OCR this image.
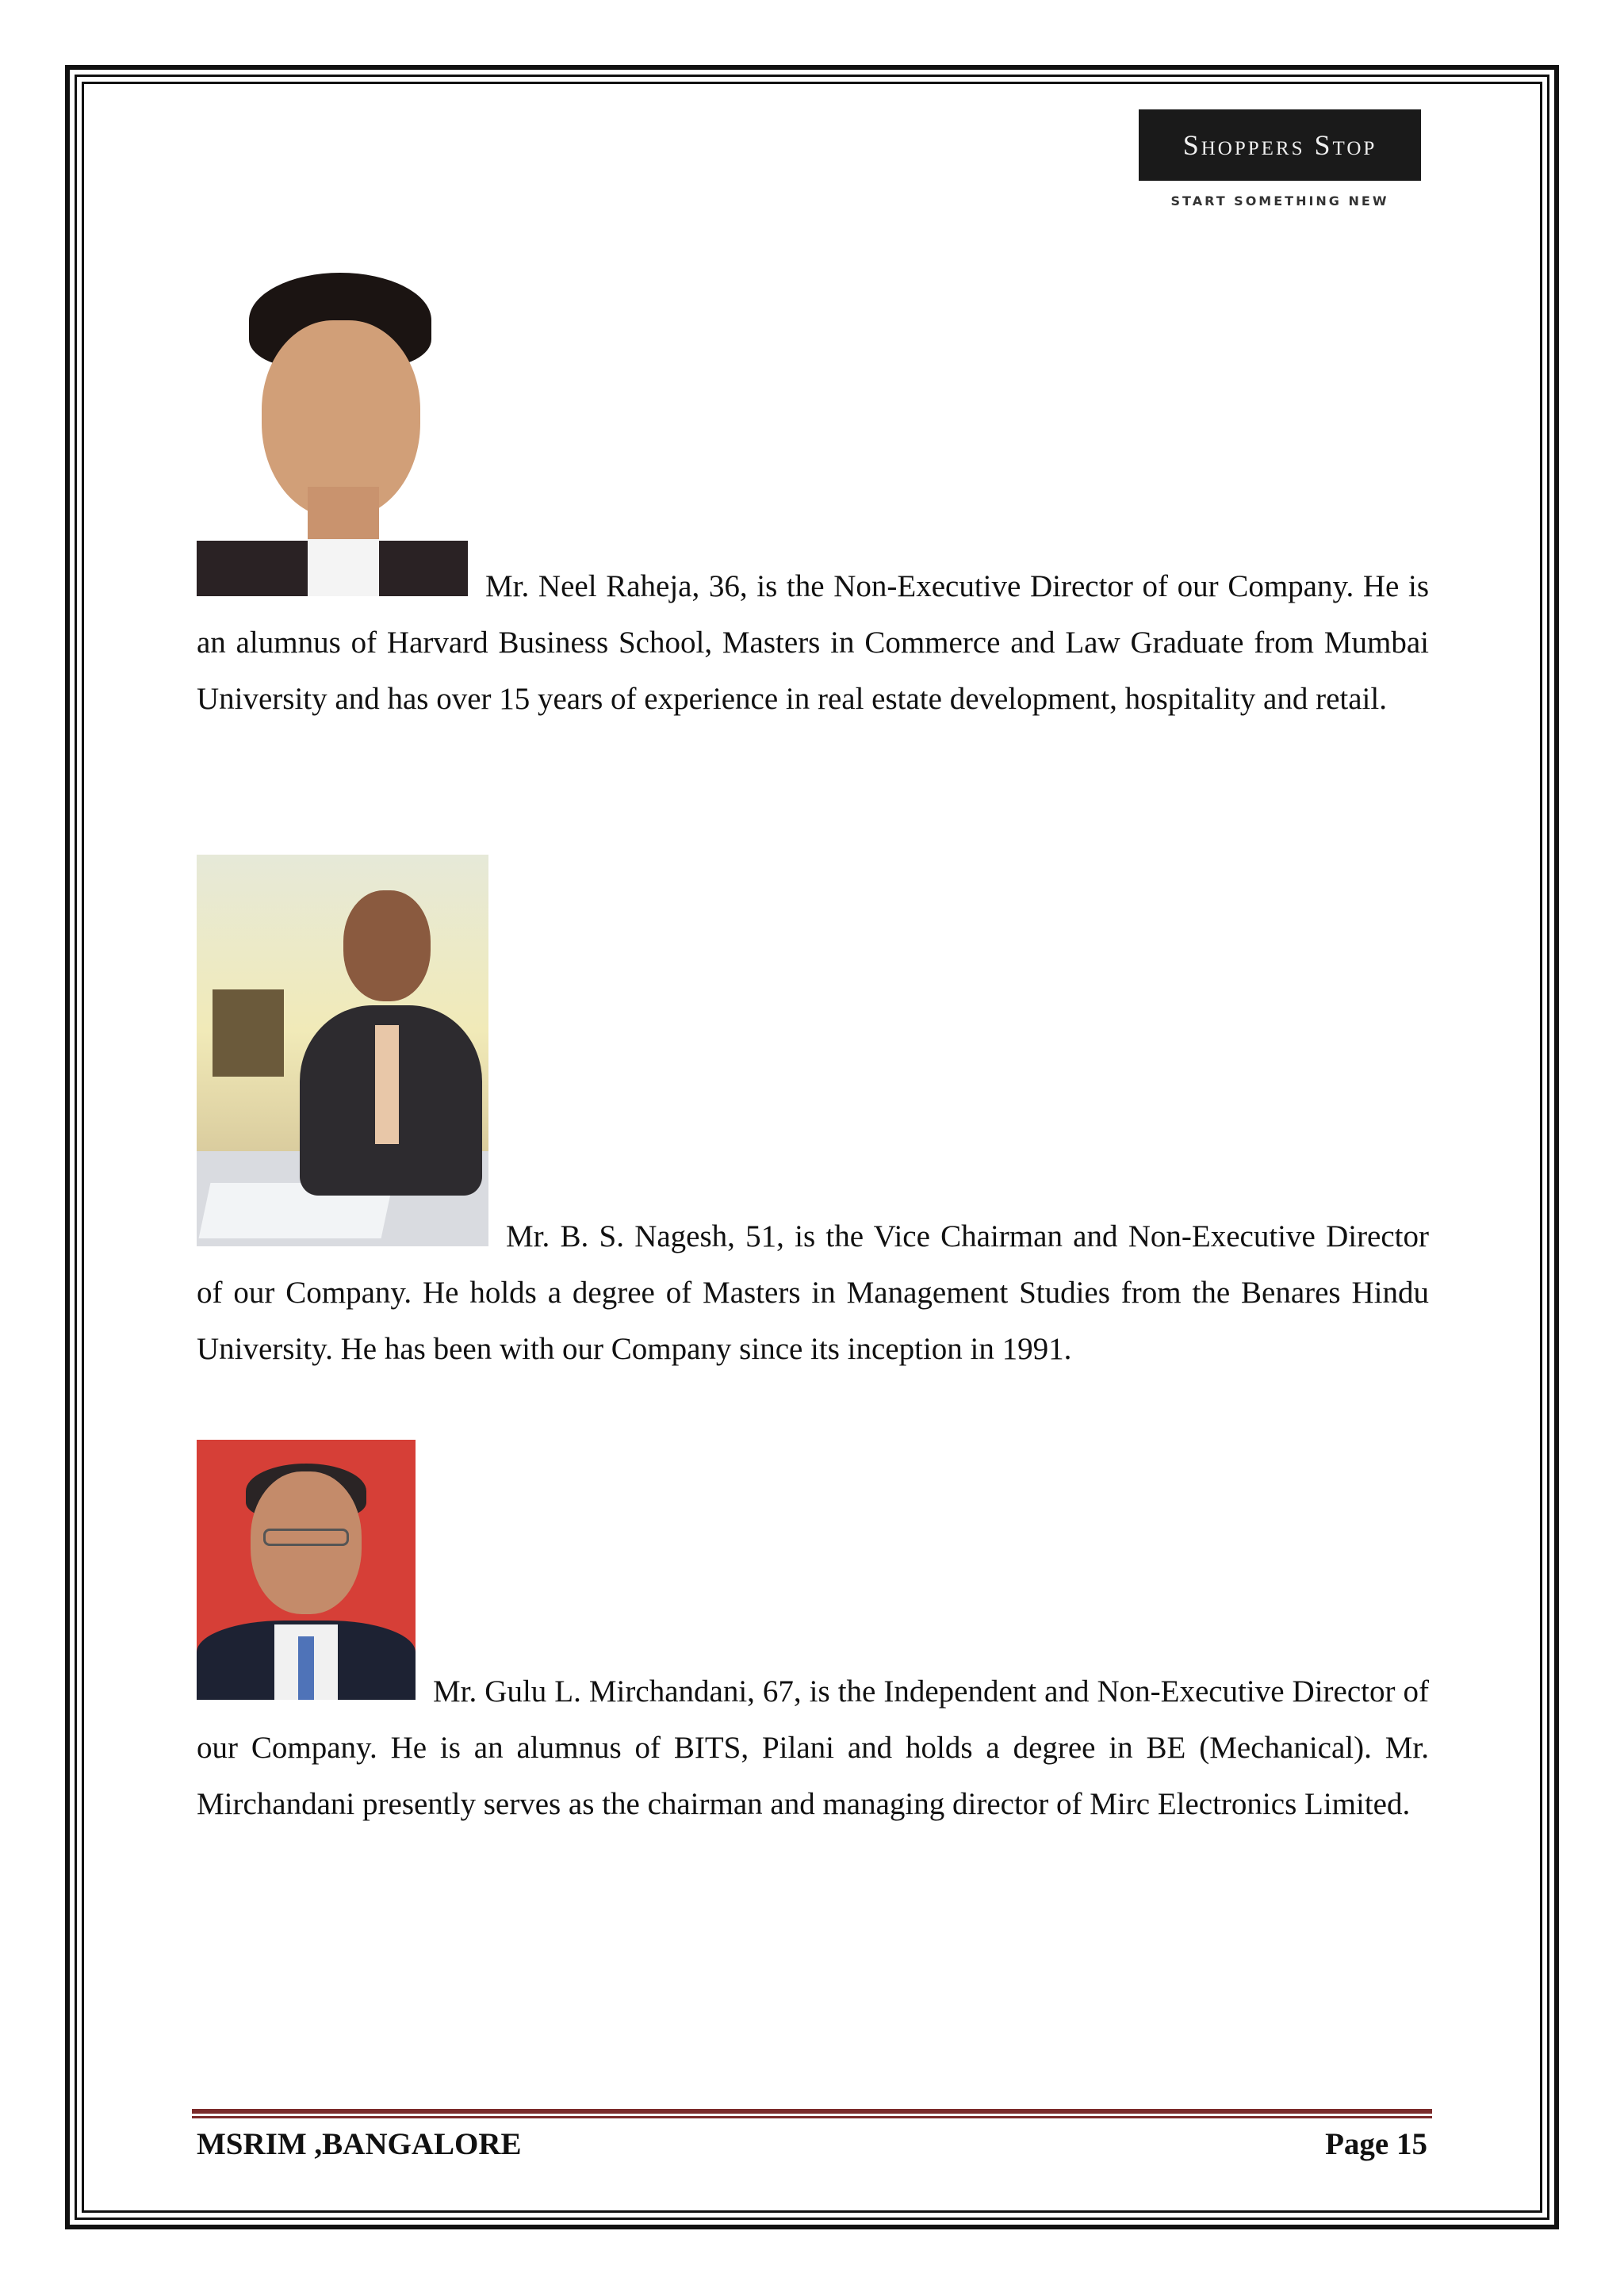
Shoppers Stop
START SOMETHING NEW
Mr. Neel Raheja, 36, is the Non-Executive Director of our Company. He is an alumnus of Harvard Business School, Masters in Commerce and Law Graduate from Mumbai University and has over 15 years of experience in real estate development, hospitality and retail.
Mr. B. S. Nagesh, 51, is the Vice Chairman and Non-Executive Director of our Company. He holds a degree of Masters in Management Studies from the Benares Hindu University. He has been with our Company since its inception in 1991.
Mr. Gulu L. Mirchandani, 67, is the Independent and Non-Executive Director of our Company. He is an alumnus of BITS, Pilani and holds a degree in BE (Mechanical). Mr. Mirchandani presently serves as the chairman and managing director of Mirc Electronics Limited.
MSRIM ,BANGALORE	Page 15
